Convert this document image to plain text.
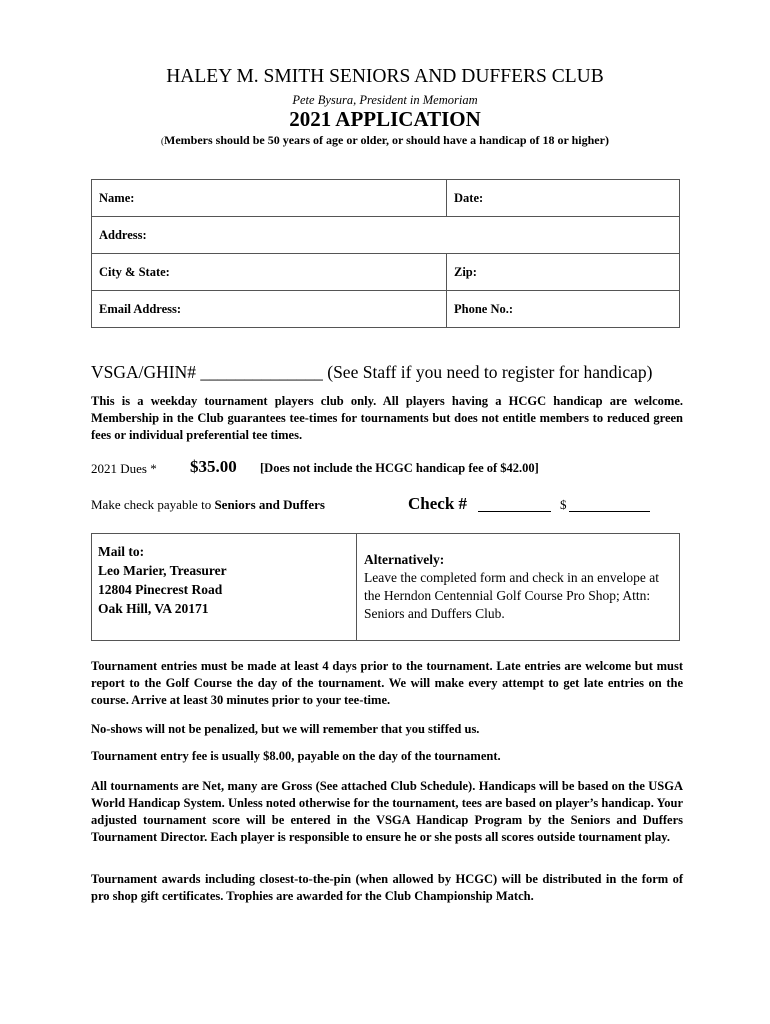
HALEY M. SMITH SENIORS AND DUFFERS CLUB
Pete Bysura, President in Memoriam
2021 APPLICATION
(Members should be 50 years of age or older, or should have a handicap of 18 or higher)
Name:	Date:
Address:	
City & State:	Zip:
Email Address:	Phone No.:
VSGA/GHIN# ______________ (See Staff if you need to register for handicap)
This is a weekday tournament players club only. All players having a HCGC handicap are welcome. Membership in the Club guarantees tee-times for tournaments but does not entitle members to reduced green fees or individual preferential tee times.
2021 Dues * $35.00 [Does not include the HCGC handicap fee of $42.00]
Make check payable to Seniors and Duffers	Check #	$
Mail to:
Leo Marier, Treasurer
12804 Pinecrest Road
Oak Hill, VA 20171
Alternatively:
Leave the completed form and check in an envelope at the Herndon Centennial Golf Course Pro Shop; Attn: Seniors and Duffers Club.
Tournament entries must be made at least 4 days prior to the tournament. Late entries are welcome but must report to the Golf Course the day of the tournament. We will make every attempt to get late entries on the course. Arrive at least 30 minutes prior to your tee-time.
No-shows will not be penalized, but we will remember that you stiffed us.
Tournament entry fee is usually $8.00, payable on the day of the tournament.
All tournaments are Net, many are Gross (See attached Club Schedule). Handicaps will be based on the USGA World Handicap System. Unless noted otherwise for the tournament, tees are based on player’s handicap. Your adjusted tournament score will be entered in the VSGA Handicap Program by the Seniors and Duffers Tournament Director. Each player is responsible to ensure he or she posts all scores outside tournament play.
Tournament awards including closest-to-the-pin (when allowed by HCGC) will be distributed in the form of pro shop gift certificates. Trophies are awarded for the Club Championship Match.
